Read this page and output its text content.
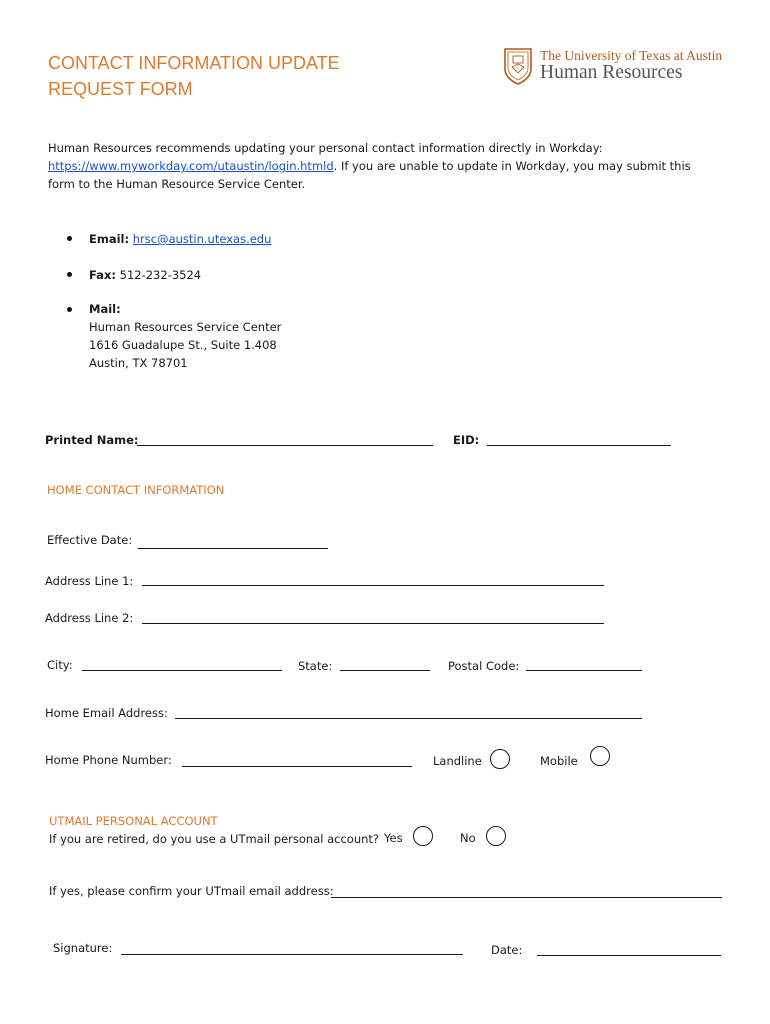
CONTACT INFORMATION UPDATE
REQUEST FORM
The University of Texas at Austin
Human Resources
Human Resources recommends updating your personal contact information directly in Workday:
https://www.myworkday.com/utaustin/login.htmld. If you are unable to update in Workday, you may submit this
form to the Human Resource Service Center.
Email: hrsc@austin.utexas.edu
Fax: 512-232-3524
Mail:
Human Resources Service Center
1616 Guadalupe St., Suite 1.408
Austin, TX 78701
Printed Name:	EID:
HOME CONTACT INFORMATION
Effective Date:
Address Line 1:
Address Line 2:
City:	State:	Postal Code:
Home Email Address:
Home Phone Number:	Landline	Mobile
UTMAIL PERSONAL ACCOUNT
If you are retired, do you use a UTmail personal account? Yes	No
If yes, please confirm your UTmail email address:
Signature:	Date:
